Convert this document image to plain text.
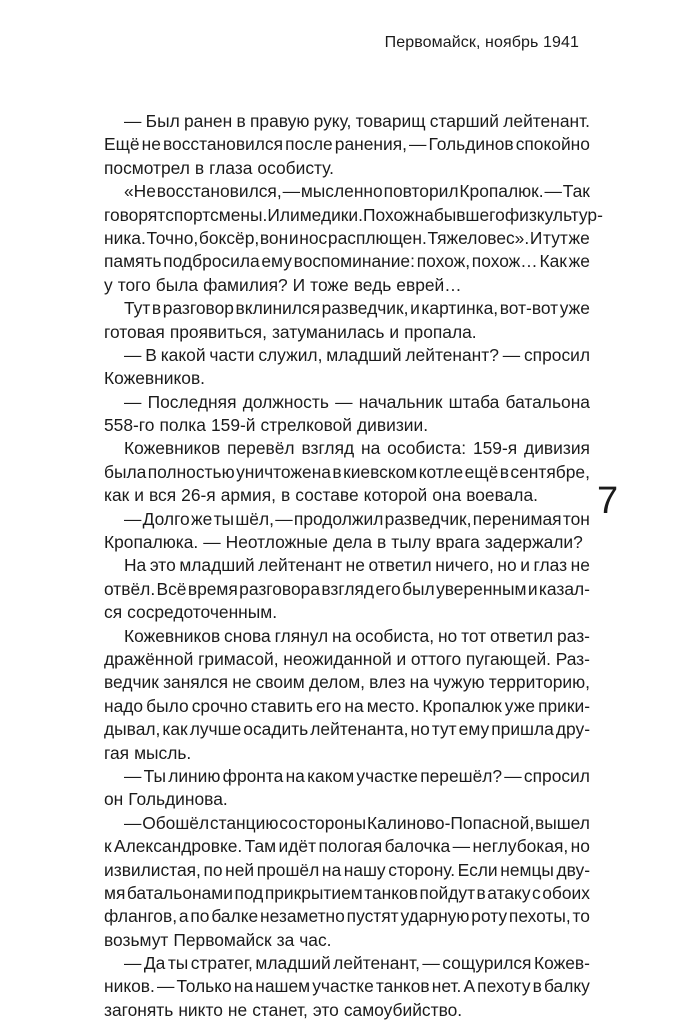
Первомайск, ноябрь 1941
7
— Был ранен в правую руку, товарищ старший лейтенант.
Ещё не восстановился после ранения, — Гольдинов спокойно
посмотрел в глаза особисту.
«Не восстановился, — мысленно повторил Кропалюк. — Так
говорят спортсмены. Или медики. Похож на бывшего физкультур-
ника. Точно, боксёр, вон и нос расплющен. Тяжеловес». И тут же
память подбросила ему воспоминание: похож, похож… Как же
у того была фамилия? И тоже ведь еврей…
Тут в разговор вклинился разведчик, и картинка, вот-вот уже
готовая проявиться, затуманилась и пропала.
— В какой части служил, младший лейтенант? — спросил
Кожевников.
— Последняя должность — начальник штаба батальона
558-го полка 159-й стрелковой дивизии.
Кожевников перевёл взгляд на особиста: 159-я дивизия
была полностью уничтожена в киевском котле ещё в сентябре,
как и вся 26-я армия, в составе которой она воевала.
— Долго же ты шёл, — продолжил разведчик, перенимая тон
Кропалюка. — Неотложные дела в тылу врага задержали?
На это младший лейтенант не ответил ничего, но и глаз не
отвёл. Всё время разговора взгляд его был уверенным и казал-
ся сосредоточенным.
Кожевников снова глянул на особиста, но тот ответил раз-
дражённой гримасой, неожиданной и оттого пугающей. Раз-
ведчик занялся не своим делом, влез на чужую территорию,
надо было срочно ставить его на место. Кропалюк уже прики-
дывал, как лучше осадить лейтенанта, но тут ему пришла дру-
гая мысль.
— Ты линию фронта на каком участке перешёл? — спросил
он Гольдинова.
— Обошёл станцию со стороны Калиново-Попасной, вышел
к Александровке. Там идёт пологая балочка — неглубокая, но
извилистая, по ней прошёл на нашу сторону. Если немцы дву-
мя батальонами под прикрытием танков пойдут в атаку с обоих
флангов, а по балке незаметно пустят ударную роту пехоты, то
возьмут Первомайск за час.
— Да ты стратег, младший лейтенант, — сощурился Кожев-
ников. — Только на нашем участке танков нет. А пехоту в балку
загонять никто не станет, это самоубийство.
